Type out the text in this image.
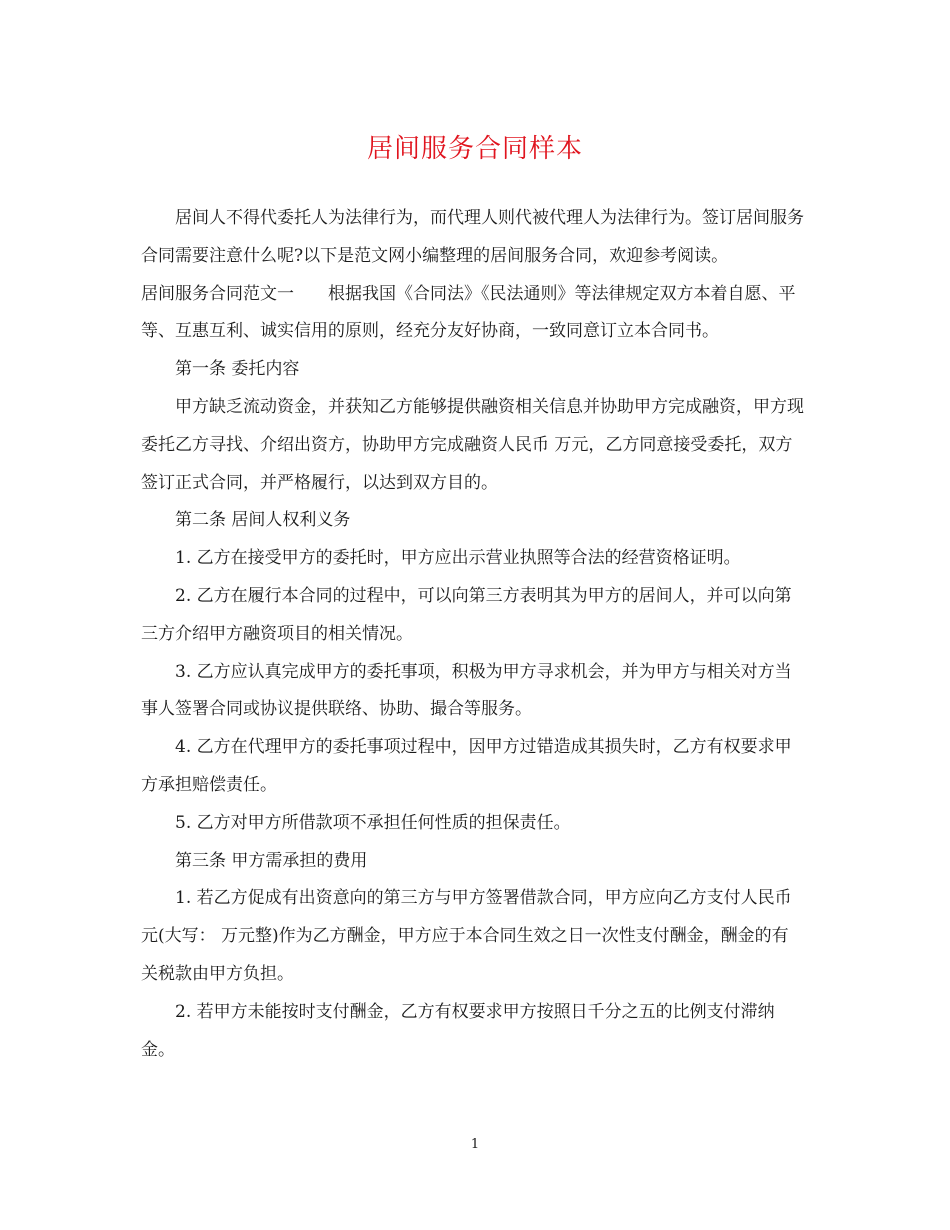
居间服务合同样本

居间人不得代委托人为法律行为，而代理人则代被代理人为法律行为。签订居间服务合同需要注意什么呢?以下是范文网小编整理的居间服务合同，欢迎参考阅读。

居间服务合同范文一 根据我国《合同法》《民法通则》等法律规定双方本着自愿、平等、互惠互利、诚实信用的原则，经充分友好协商，一致同意订立本合同书。

第一条 委托内容

甲方缺乏流动资金，并获知乙方能够提供融资相关信息并协助甲方完成融资，甲方现委托乙方寻找、介绍出资方，协助甲方完成融资人民币 万元，乙方同意接受委托，双方签订正式合同，并严格履行，以达到双方目的。

第二条 居间人权利义务

1. 乙方在接受甲方的委托时，甲方应出示营业执照等合法的经营资格证明。

2. 乙方在履行本合同的过程中，可以向第三方表明其为甲方的居间人，并可以向第三方介绍甲方融资项目的相关情况。

3. 乙方应认真完成甲方的委托事项，积极为甲方寻求机会，并为甲方与相关对方当事人签署合同或协议提供联络、协助、撮合等服务。

4. 乙方在代理甲方的委托事项过程中，因甲方过错造成其损失时，乙方有权要求甲方承担赔偿责任。

5. 乙方对甲方所借款项不承担任何性质的担保责任。

第三条 甲方需承担的费用

1. 若乙方促成有出资意向的第三方与甲方签署借款合同，甲方应向乙方支付人民币 元(大写： 万元整)作为乙方酬金，甲方应于本合同生效之日一次性支付酬金，酬金的有关税款由甲方负担。

2. 若甲方未能按时支付酬金，乙方有权要求甲方按照日千分之五的比例支付滞纳金。

1
